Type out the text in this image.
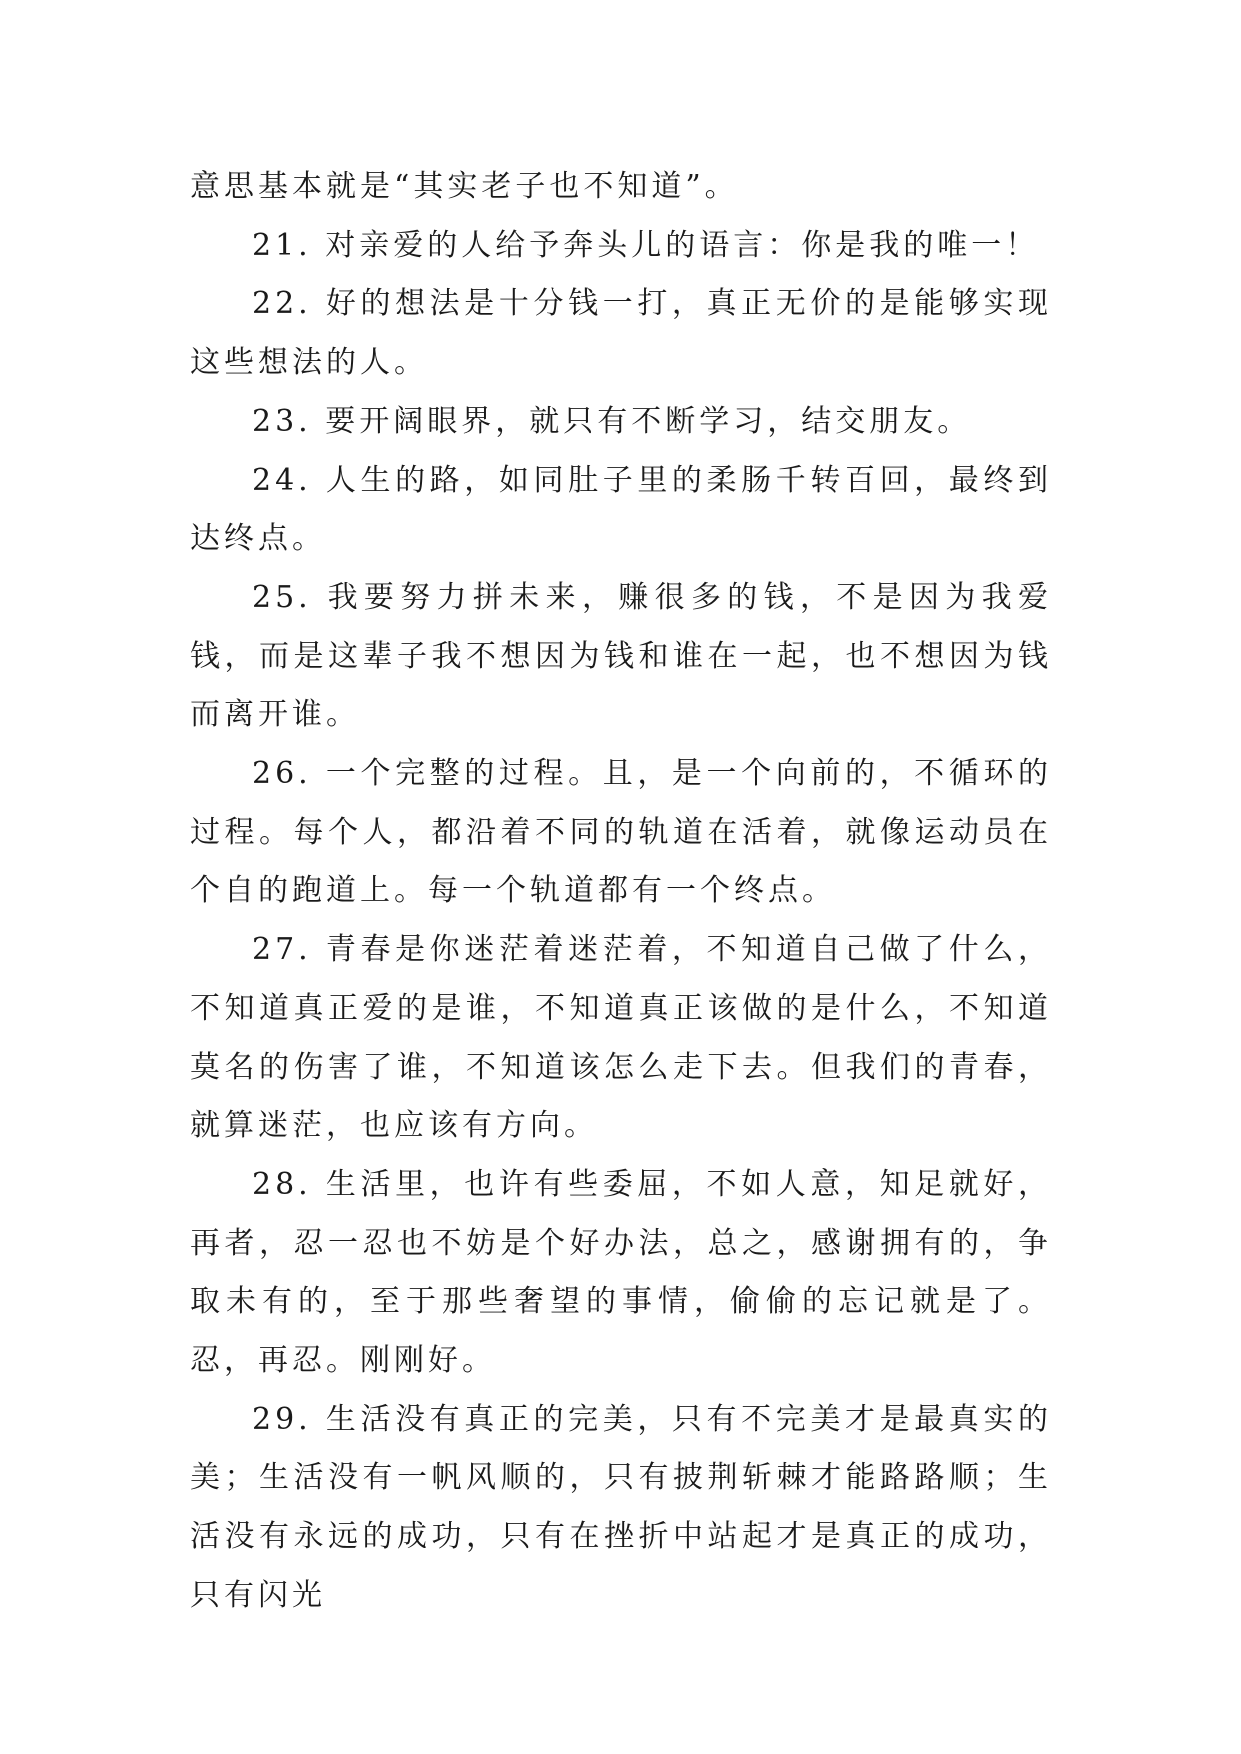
意思基本就是“其实老子也不知道”。

21. 对亲爱的人给予奔头儿的语言：你是我的唯一！

22. 好的想法是十分钱一打，真正无价的是能够实现这些想法的人。

23. 要开阔眼界，就只有不断学习，结交朋友。

24. 人生的路，如同肚子里的柔肠千转百回，最终到达终点。

25. 我要努力拼未来，赚很多的钱，不是因为我爱钱，而是这辈子我不想因为钱和谁在一起，也不想因为钱而离开谁。

26. 一个完整的过程。且，是一个向前的，不循环的过程。每个人，都沿着不同的轨道在活着，就像运动员在个自的跑道上。每一个轨道都有一个终点。

27. 青春是你迷茫着迷茫着，不知道自己做了什么，不知道真正爱的是谁，不知道真正该做的是什么，不知道莫名的伤害了谁，不知道该怎么走下去。但我们的青春，就算迷茫，也应该有方向。

28. 生活里，也许有些委屈，不如人意，知足就好，再者，忍一忍也不妨是个好办法，总之，感谢拥有的，争取未有的，至于那些奢望的事情，偷偷的忘记就是了。忍，再忍。刚刚好。

29. 生活没有真正的完美，只有不完美才是最真实的美；生活没有一帆风顺的，只有披荆斩棘才能路路顺；生活没有永远的成功，只有在挫折中站起才是真正的成功，只有闪光
